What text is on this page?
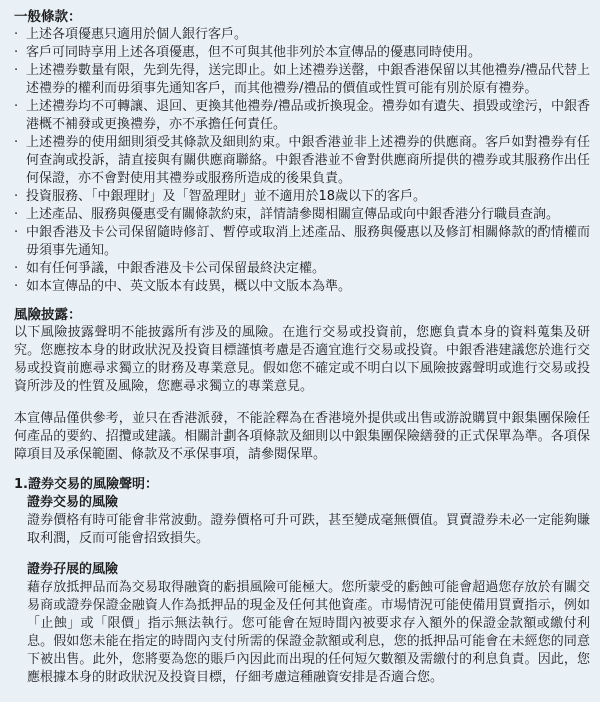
一般條款：
· 上述各項優惠只適用於個人銀行客戶。
· 客戶可同時享用上述各項優惠，但不可與其他非列於本宣傳品的優惠同時使用。
· 上述禮券數量有限，先到先得，送完即止。如上述禮券送罄，中銀香港保留以其他禮券/禮品代替上述禮券的權利而毋須事先通知客戶，而其他禮券/禮品的價值或性質可能有別於原有禮券。
· 上述禮券均不可轉讓、退回、更換其他禮券/禮品或折換現金。禮券如有遺失、損毀或塗污，中銀香港概不補發或更換禮券，亦不承擔任何責任。
· 上述禮券的使用細則須受其條款及細則約束。中銀香港並非上述禮券的供應商。客戶如對禮券有任何查詢或投訴，請直接與有關供應商聯絡。中銀香港並不會對供應商所提供的禮券或其服務作出任何保證，亦不會對使用其禮券或服務所造成的後果負責。
· 投資服務、「中銀理財」及「智盈理財」並不適用於18歲以下的客戶。
· 上述產品、服務與優惠受有關條款約束，詳情請參閱相關宣傳品或向中銀香港分行職員查詢。
· 中銀香港及卡公司保留隨時修訂、暫停或取消上述產品、服務與優惠以及修訂相關條款的酌情權而毋須事先通知。
· 如有任何爭議，中銀香港及卡公司保留最終決定權。
· 如本宣傳品的中、英文版本有歧異，概以中文版本為準。
風險披露：
以下風險披露聲明不能披露所有涉及的風險。在進行交易或投資前，您應負責本身的資料蒐集及研究。您應按本身的財政狀況及投資目標謹慎考慮是否適宜進行交易或投資。中銀香港建議您於進行交易或投資前應尋求獨立的財務及專業意見。假如您不確定或不明白以下風險披露聲明或進行交易或投資所涉及的性質及風險，您應尋求獨立的專業意見。
本宣傳品僅供參考，並只在香港派發，不能詮釋為在香港境外提供或出售或游說購買中銀集團保險任何產品的要約、招攬或建議。相關計劃各項條款及細則以中銀集團保險繕發的正式保單為準。各項保障項目及承保範圍、條款及不承保事項，請參閱保單。
1. 證券交易的風險聲明：
證券交易的風險

證券價格有時可能會非常波動。證券價格可升可跌，甚至變成毫無價值。買賣證券未必一定能夠賺取利潤，反而可能會招致損失。

證券孖展的風險

藉存放抵押品而為交易取得融資的虧損風險可能極大。您所蒙受的虧蝕可能會超過您存放於有關交易商或證券保證金融資人作為抵押品的現金及任何其他資產。市場情況可能使備用買賣指示，例如「止蝕」或「限價」指示無法執行。您可能會在短時間內被要求存入額外的保證金款額或繳付利息。假如您未能在指定的時間內支付所需的保證金款額或利息，您的抵押品可能會在未經您的同意下被出售。此外，您將要為您的賬戶內因此而出現的任何短欠數額及需繳付的利息負責。因此，您應根據本身的財政狀況及投資目標，仔細考慮這種融資安排是否適合您。
